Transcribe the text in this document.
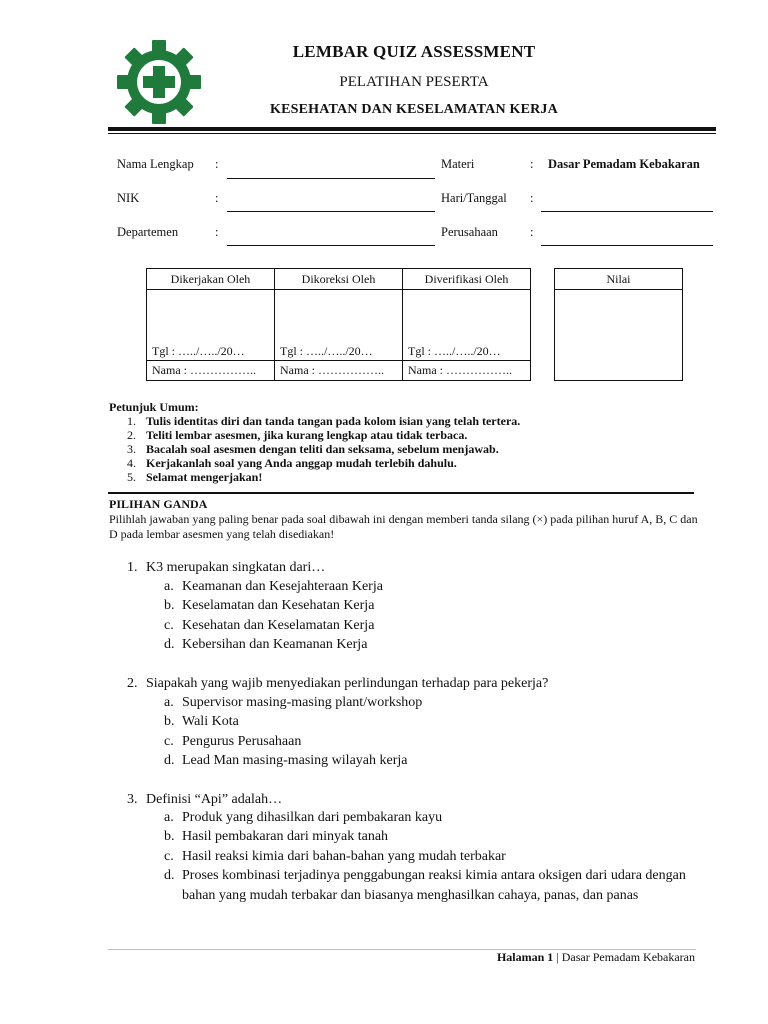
LEMBAR QUIZ ASSESSMENT
PELATIHAN PESERTA
KESEHATAN DAN KESELAMATAN KERJA
Nama Lengkap :
NIK	:
Departemen	:
Materi	: Dasar Pemadam Kebakaran
Hari/Tanggal :
Perusahaan	:
Dikerjakan Oleh	Dikoreksi Oleh	Diverifikasi Oleh

Tgl : …../…../20…	Tgl : …../…../20…	Tgl : …../…../20…

Nama : ……………..	Nama : ……………..	Nama : ……………..
Nilai
Petunjuk Umum:
1. Tulis identitas diri dan tanda tangan pada kolom isian yang telah tertera.
2. Teliti lembar asesmen, jika kurang lengkap atau tidak terbaca.
3. Bacalah soal asesmen dengan teliti dan seksama, sebelum menjawab.
4. Kerjakanlah soal yang Anda anggap mudah terlebih dahulu.
5. Selamat mengerjakan!
PILIHAN GANDA
Pilihlah jawaban yang paling benar pada soal dibawah ini dengan memberi tanda silang (×) pada pilihan huruf A, B, C dan D pada lembar asesmen yang telah disediakan!
1. K3 merupakan singkatan dari…
a. Keamanan dan Kesejahteraan Kerja
b. Keselamatan dan Kesehatan Kerja
c. Kesehatan dan Keselamatan Kerja
d. Kebersihan dan Keamanan Kerja
2. Siapakah yang wajib menyediakan perlindungan terhadap para pekerja?
a. Supervisor masing-masing plant/workshop
b. Wali Kota
c. Pengurus Perusahaan
d. Lead Man masing-masing wilayah kerja
3. Definisi “Api” adalah…
a. Produk yang dihasilkan dari pembakaran kayu
b. Hasil pembakaran dari minyak tanah
c. Hasil reaksi kimia dari bahan-bahan yang mudah terbakar
d. Proses kombinasi terjadinya penggabungan reaksi kimia antara oksigen dari udara dengan bahan yang mudah terbakar dan biasanya menghasilkan cahaya, panas, dan panas
Halaman 1 | Dasar Pemadam Kebakaran
